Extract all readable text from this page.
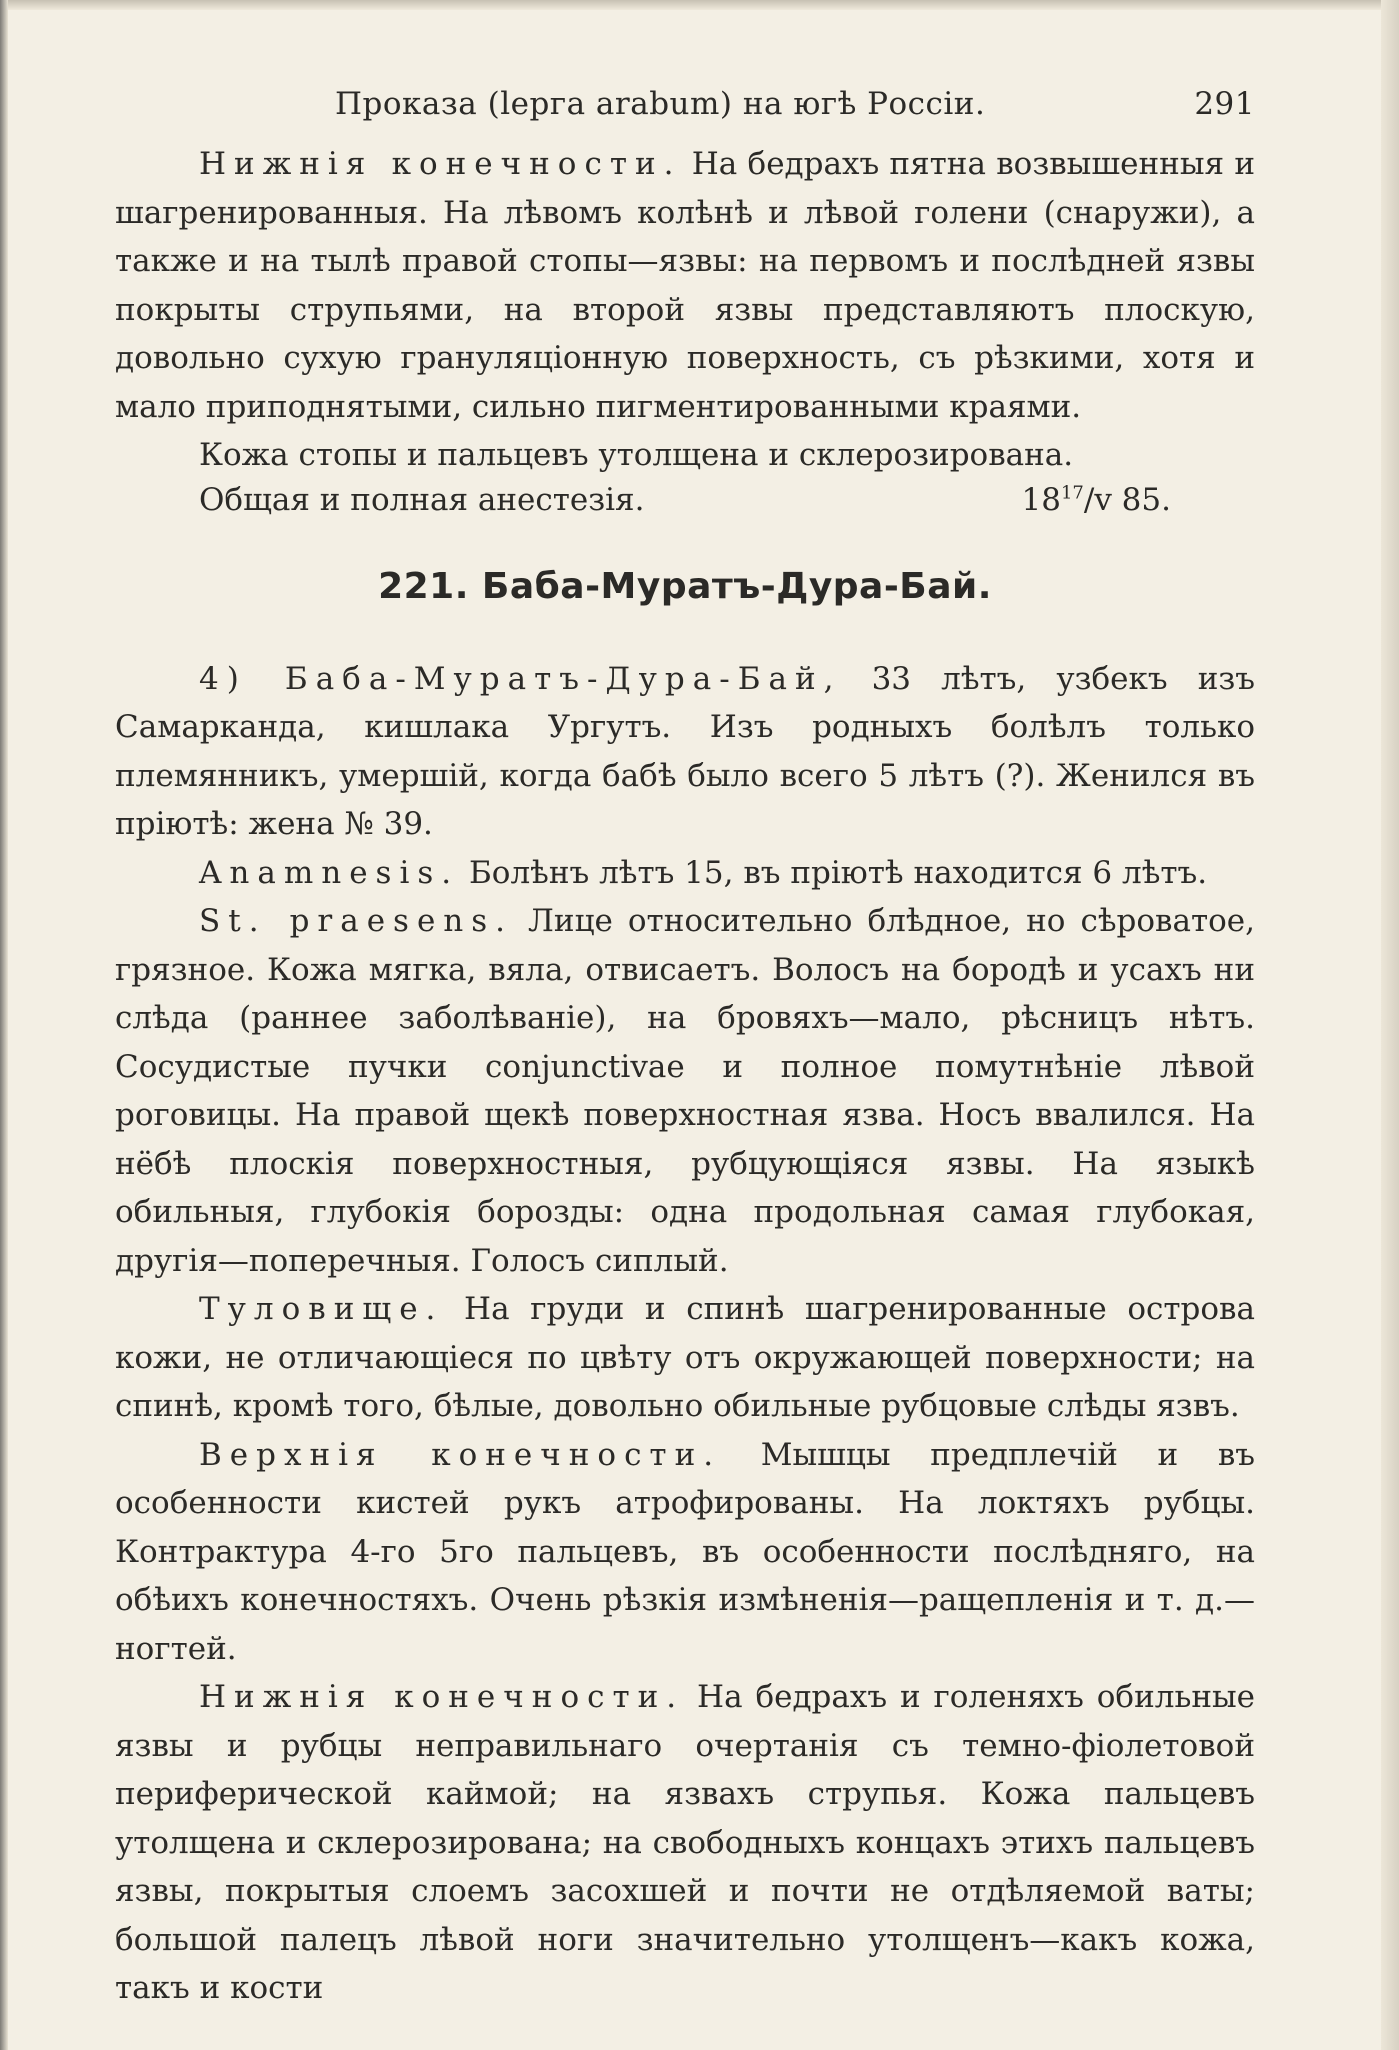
Проказа (lерга arabum) на югѣ Россіи.	291

Нижнія конечности. На бедрахъ пятна возвышенныя и шагренированныя. На лѣвомъ колѣнѣ и лѣвой голени (снаружи), а также и на тылѣ правой стопы—язвы: на первомъ и послѣдней язвы покрыты струпьями, на второй язвы представляютъ плоскую, довольно сухую грануляціонную поверхность, съ рѣзкими, хотя и мало приподнятыми, сильно пигментированными краями.

Кожа стопы и пальцевъ утолщена и склерозирована.

Общая и полная анестезія.	$18^{17}/v$ 85.
221. Баба-Муратъ-Дура-Бай.

4) Баба-Муратъ-Дура-Бай, 33 лѣтъ, узбекъ изъ Самарканда, кишлака Ургутъ. Изъ родныхъ болѣлъ только племянникъ, умершій, когда бабѣ было всего 5 лѣтъ (?). Женился въ пріютѣ: жена № 39.

Anamnesis. Болѣнъ лѣтъ 15, въ пріютѣ находится 6 лѣтъ.

St. praesens. Лице относительно блѣдное, но сѣроватое, грязное. Кожа мягка, вяла, отвисаетъ. Волосъ на бородѣ и усахъ ни слѣда (раннее заболѣваніе), на бровяхъ—мало, рѣсницъ нѣтъ. Сосудистые пучки conjunctivae и полное помутнѣніе лѣвой роговицы. На правой щекѣ поверхностная язва. Носъ ввалился. На нёбѣ плоскія поверхностныя, рубцующіяся язвы. На языкѣ обильныя, глубокія борозды: одна продольная самая глубокая, другія—поперечныя. Голосъ сиплый.

Туловище. На груди и спинѣ шагренированные острова кожи, не отличающіеся по цвѣту отъ окружающей поверхности; на спинѣ, кромѣ того, бѣлые, довольно обильные рубцовые слѣды язвъ.

Верхнія конечности. Мышцы предплечій и въ особенности кистей рукъ атрофированы. На локтяхъ рубцы. Контрактура 4-го 5го пальцевъ, въ особенности послѣдняго, на обѣихъ конечностяхъ. Очень рѣзкія измѣненія—ращепленія и т. д.—ногтей.

Нижнія конечности. На бедрахъ и голеняхъ обильные язвы и рубцы неправильнаго очертанія съ темно-фіолетовой периферической каймой; на язвахъ струпья. Кожа пальцевъ утолщена и склерозирована; на свободныхъ концахъ этихъ пальцевъ язвы, покрытыя слоемъ засохшей и почти не отдѣляемой ваты; большой палецъ лѣвой ноги значительно утолщенъ—какъ кожа, такъ и кости
